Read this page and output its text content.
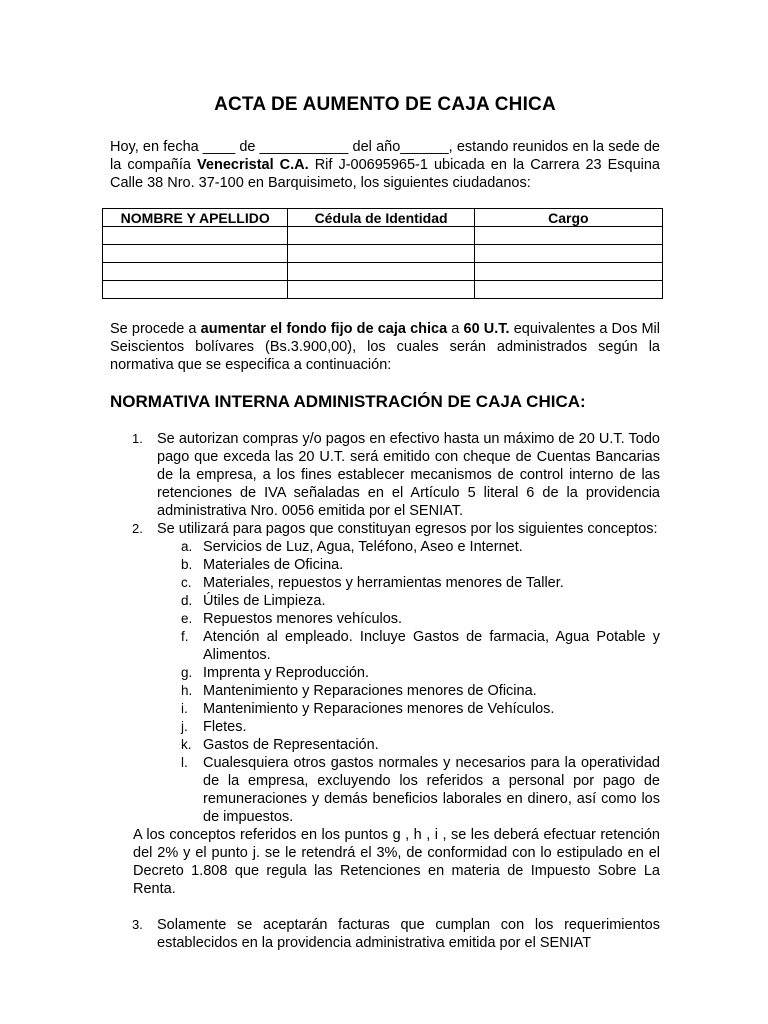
ACTA DE AUMENTO DE CAJA CHICA

Hoy, en fecha ____ de ___________ del año______, estando reunidos en la sede de la compañía Venecristal C.A. Rif J-00695965-1 ubicada en la Carrera 23 Esquina Calle 38 Nro. 37-100 en Barquisimeto, los siguientes ciudadanos:

NOMBRE Y APELLIDO	Cédula de Identidad	Cargo

Se procede a aumentar el fondo fijo de caja chica a 60 U.T. equivalentes a Dos Mil Seiscientos bolívares (Bs.3.900,00), los cuales serán administrados según la normativa que se especifica a continuación:

NORMATIVA INTERNA ADMINISTRACIÓN DE CAJA CHICA:
1. Se autorizan compras y/o pagos en efectivo hasta un máximo de 20 U.T. Todo pago que exceda las 20 U.T. será emitido con cheque de Cuentas Bancarias de la empresa, a los fines establecer mecanismos de control interno de las retenciones de IVA señaladas en el Artículo 5 literal 6 de la providencia administrativa Nro. 0056 emitida por el SENIAT.
2. Se utilizará para pagos que constituyan egresos por los siguientes conceptos:
a. Servicios de Luz, Agua, Teléfono, Aseo e Internet.
b. Materiales de Oficina.
c. Materiales, repuestos y herramientas menores de Taller.
d. Útiles de Limpieza.
e. Repuestos menores vehículos.
f. Atención al empleado. Incluye Gastos de farmacia, Agua Potable y Alimentos.
g. Imprenta y Reproducción.
h. Mantenimiento y Reparaciones menores de Oficina.
i. Mantenimiento y Reparaciones menores de Vehículos.
j. Fletes.
k. Gastos de Representación.
l. Cualesquiera otros gastos normales y necesarios para la operatividad de la empresa, excluyendo los referidos a personal por pago de remuneraciones y demás beneficios laborales en dinero, así como los de impuestos.

A los conceptos referidos en los puntos g , h , i , se les deberá efectuar retención del 2% y el punto j. se le retendrá el 3%, de conformidad con lo estipulado en el Decreto 1.808 que regula las Retenciones en materia de Impuesto Sobre La Renta.

3. Solamente se aceptarán facturas que cumplan con los requerimientos establecidos en la providencia administrativa emitida por el SENIAT
